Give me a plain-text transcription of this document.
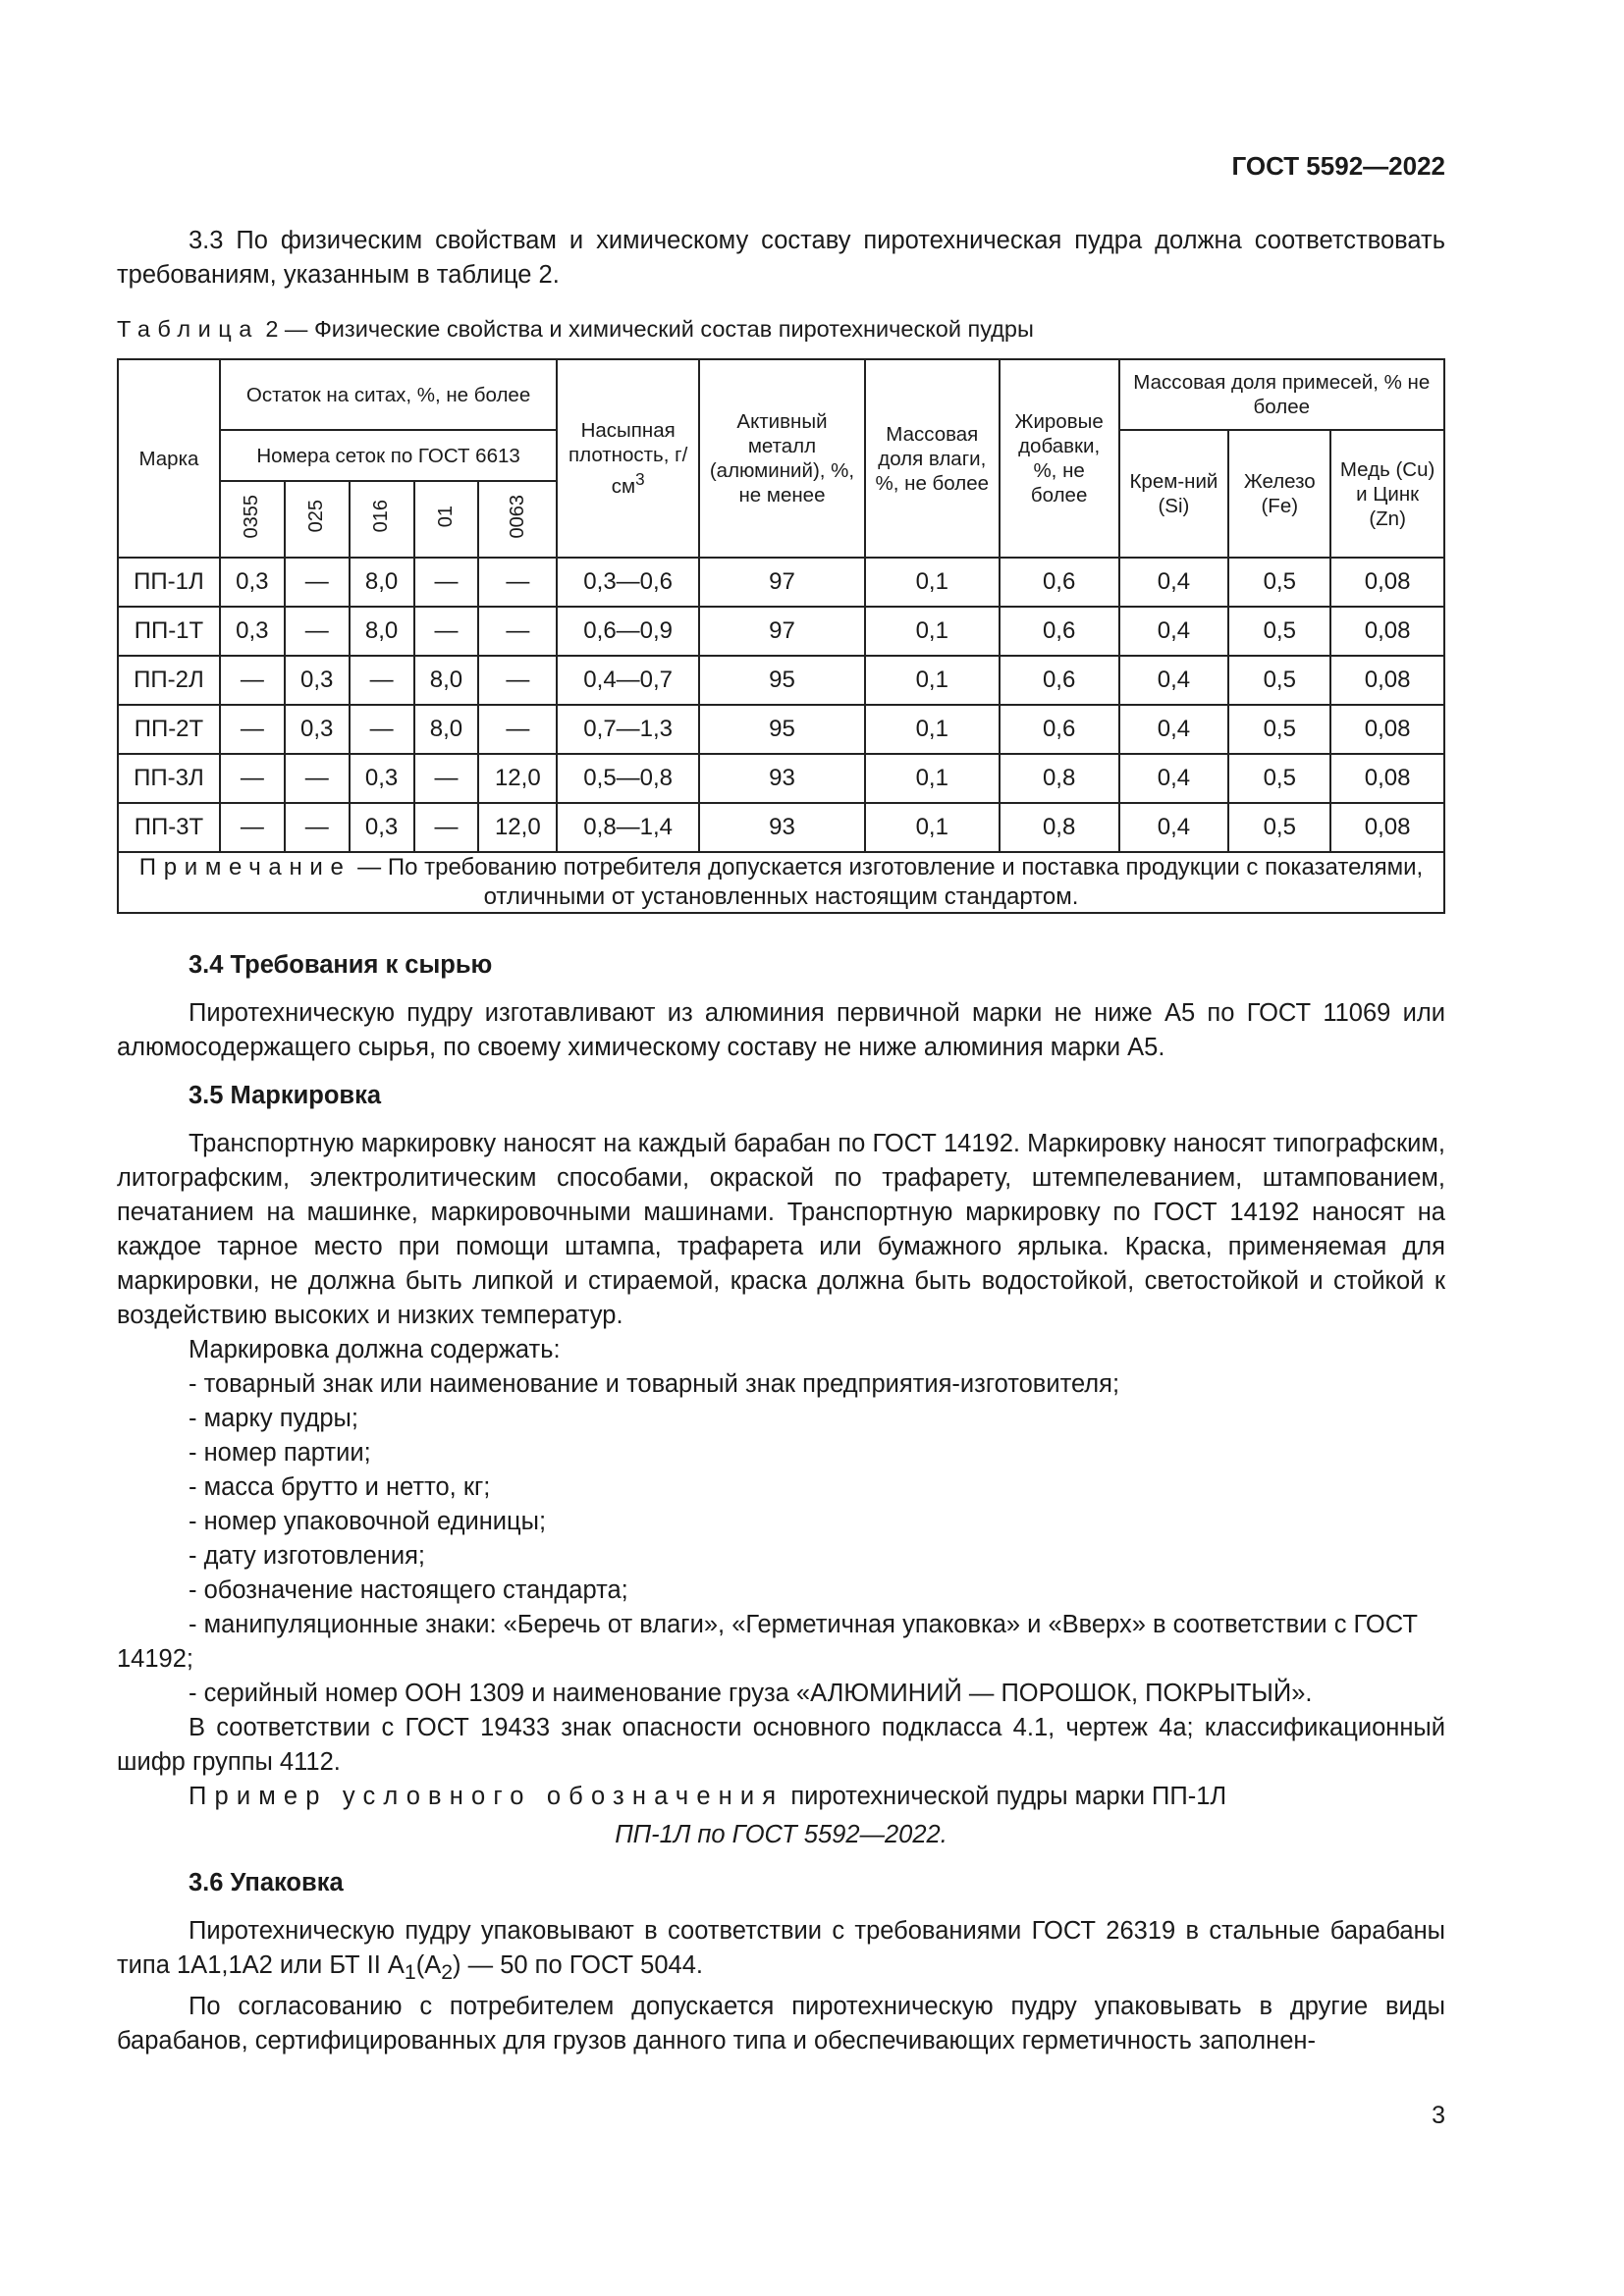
ГОСТ 5592—2022

3.3 По физическим свойствам и химическому составу пиротехническая пудра должна соответствовать требованиям, указанным в таблице 2.

Таблица 2 — Физические свойства и химический состав пиротехнической пудры
Марка	Остаток на ситах, %, не более					Насыпная плотность, $г/см^3$	Активный металл (алюминий), %, не менее	Массовая доля влаги, %, не более	Жировые добавки, %, не более	Массовая доля примесей, % не более		
	Номера сеток по ГОСТ 6613									Крем-ний (Si)	Железо (Fe)	Медь (Cu) и Цинк (Zn)
	0355	025	016	01	0063							
ПП-1Л	0,3	—	8,0	—	—	0,3—0,6	97	0,1	0,6	0,4	0,5	0,08
ПП-1Т	0,3	—	8,0	—	—	0,6—0,9	97	0,1	0,6	0,4	0,5	0,08
ПП-2Л	—	0,3	—	8,0	—	0,4—0,7	95	0,1	0,6	0,4	0,5	0,08
ПП-2Т	—	0,3	—	8,0	—	0,7—1,3	95	0,1	0,6	0,4	0,5	0,08
ПП-3Л	—	—	0,3	—	12,0	0,5—0,8	93	0,1	0,8	0,4	0,5	0,08
ПП-3Т	—	—	0,3	—	12,0	0,8—1,4	93	0,1	0,8	0,4	0,5	0,08
Примечание — По требованию потребителя допускается изготовление и поставка продукции с показателями, отличными от установленных настоящим стандартом.												
3.4 Требования к сырью

Пиротехническую пудру изготавливают из алюминия первичной марки не ниже А5 по ГОСТ 11069 или алюмосодержащего сырья, по своему химическому составу не ниже алюминия марки А5.

3.5 Маркировка

Транспортную маркировку наносят на каждый барабан по ГОСТ 14192. Маркировку наносят типографским, литографским, электролитическим способами, окраской по трафарету, штемпелеванием, штампованием, печатанием на машинке, маркировочными машинами. Транспортную маркировку по ГОСТ 14192 наносят на каждое тарное место при помощи штампа, трафарета или бумажного ярлыка. Краска, применяемая для маркировки, не должна быть липкой и стираемой, краска должна быть водостойкой, светостойкой и стойкой к воздействию высоких и низких температур.

Маркировка должна содержать:

- товарный знак или наименование и товарный знак предприятия-изготовителя;

- марку пудры;

- номер партии;

- масса брутто и нетто, кг;

- номер упаковочной единицы;

- дату изготовления;

- обозначение настоящего стандарта;

- манипуляционные знаки: «Беречь от влаги», «Герметичная упаковка» и «Вверх» в соответствии с ГОСТ 14192;

- серийный номер ООН 1309 и наименование груза «АЛЮМИНИЙ — ПОРОШОК, ПОКРЫТЫЙ».

В соответствии с ГОСТ 19433 знак опасности основного подкласса 4.1, чертеж 4а; классификационный шифр группы 4112.

Пример условного обозначения пиротехнической пудры марки ПП-1Л

ПП-1Л по ГОСТ 5592—2022.

3.6 Упаковка

Пиротехническую пудру упаковывают в соответствии с требованиями ГОСТ 26319 в стальные барабаны типа 1А1,1А2 или БТ II $А_1(А_2)$ — 50 по ГОСТ 5044.

По согласованию с потребителем допускается пиротехническую пудру упаковывать в другие виды барабанов, сертифицированных для грузов данного типа и обеспечивающих герметичность заполнен-

3
